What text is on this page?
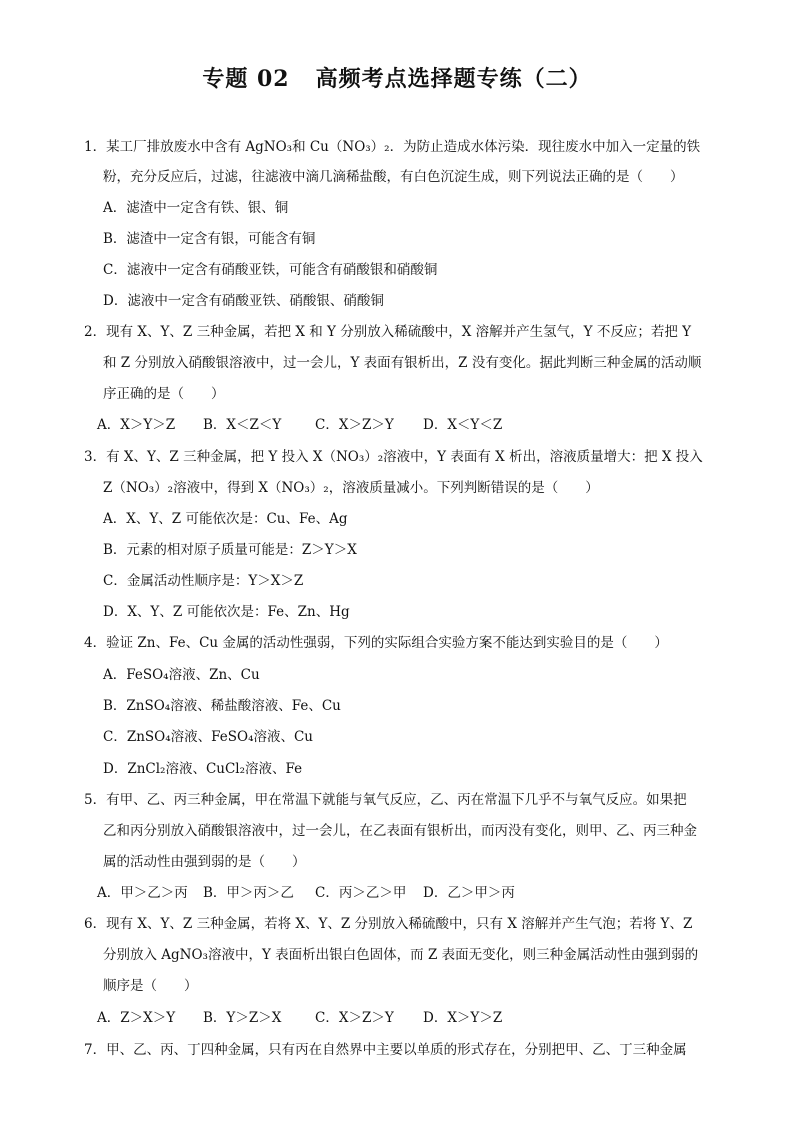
专题 02 高频考点选择题专练（二）
1．某工厂排放废水中含有 AgNO₃和 Cu（NO₃）₂．为防止造成水体污染．现往废水中加入一定量的铁
粉，充分反应后，过滤，往滤液中滴几滴稀盐酸，有白色沉淀生成，则下列说法正确的是（　　）
A．滤渣中一定含有铁、银、铜
B．滤渣中一定含有银，可能含有铜
C．滤液中一定含有硝酸亚铁，可能含有硝酸银和硝酸铜
D．滤液中一定含有硝酸亚铁、硝酸银、硝酸铜
2．现有 X、Y、Z 三种金属，若把 X 和 Y 分别放入稀硫酸中，X 溶解并产生氢气，Y 不反应；若把 Y
和 Z 分别放入硝酸银溶液中，过一会儿，Y 表面有银析出，Z 没有变化。据此判断三种金属的活动顺
序正确的是（　　）
A．X＞Y＞Z B．X＜Z＜Y C．X＞Z＞Y D．X＜Y＜Z
3．有 X、Y、Z 三种金属，把 Y 投入 X（NO₃）₂溶液中，Y 表面有 X 析出，溶液质量增大：把 X 投入
Z（NO₃）₂溶液中，得到 X（NO₃）₂，溶液质量减小。下列判断错误的是（　　）
A．X、Y、Z 可能依次是：Cu、Fe、Ag
B．元素的相对原子质量可能是：Z＞Y＞X
C．金属活动性顺序是：Y＞X＞Z
D．X、Y、Z 可能依次是：Fe、Zn、Hg
4．验证 Zn、Fe、Cu 金属的活动性强弱，下列的实际组合实验方案不能达到实验目的是（　　）
A．FeSO₄溶液、Zn、Cu
B．ZnSO₄溶液、稀盐酸溶液、Fe、Cu
C．ZnSO₄溶液、FeSO₄溶液、Cu
D．ZnCl₂溶液、CuCl₂溶液、Fe
5．有甲、乙、丙三种金属，甲在常温下就能与氧气反应，乙、丙在常温下几乎不与氧气反应。如果把
乙和丙分别放入硝酸银溶液中，过一会儿，在乙表面有银析出，而丙没有变化，则甲、乙、丙三种金
属的活动性由强到弱的是（　　）
A．甲＞乙＞丙 B．甲＞丙＞乙 C．丙＞乙＞甲 D．乙＞甲＞丙
6．现有 X、Y、Z 三种金属，若将 X、Y、Z 分别放入稀硫酸中，只有 X 溶解并产生气泡；若将 Y、Z
分别放入 AgNO₃溶液中，Y 表面析出银白色固体，而 Z 表面无变化，则三种金属活动性由强到弱的
顺序是（　　）
A．Z＞X＞Y B．Y＞Z＞X C．X＞Z＞Y D．X＞Y＞Z
7．甲、乙、丙、丁四种金属，只有丙在自然界中主要以单质的形式存在，分别把甲、乙、丁三种金属
